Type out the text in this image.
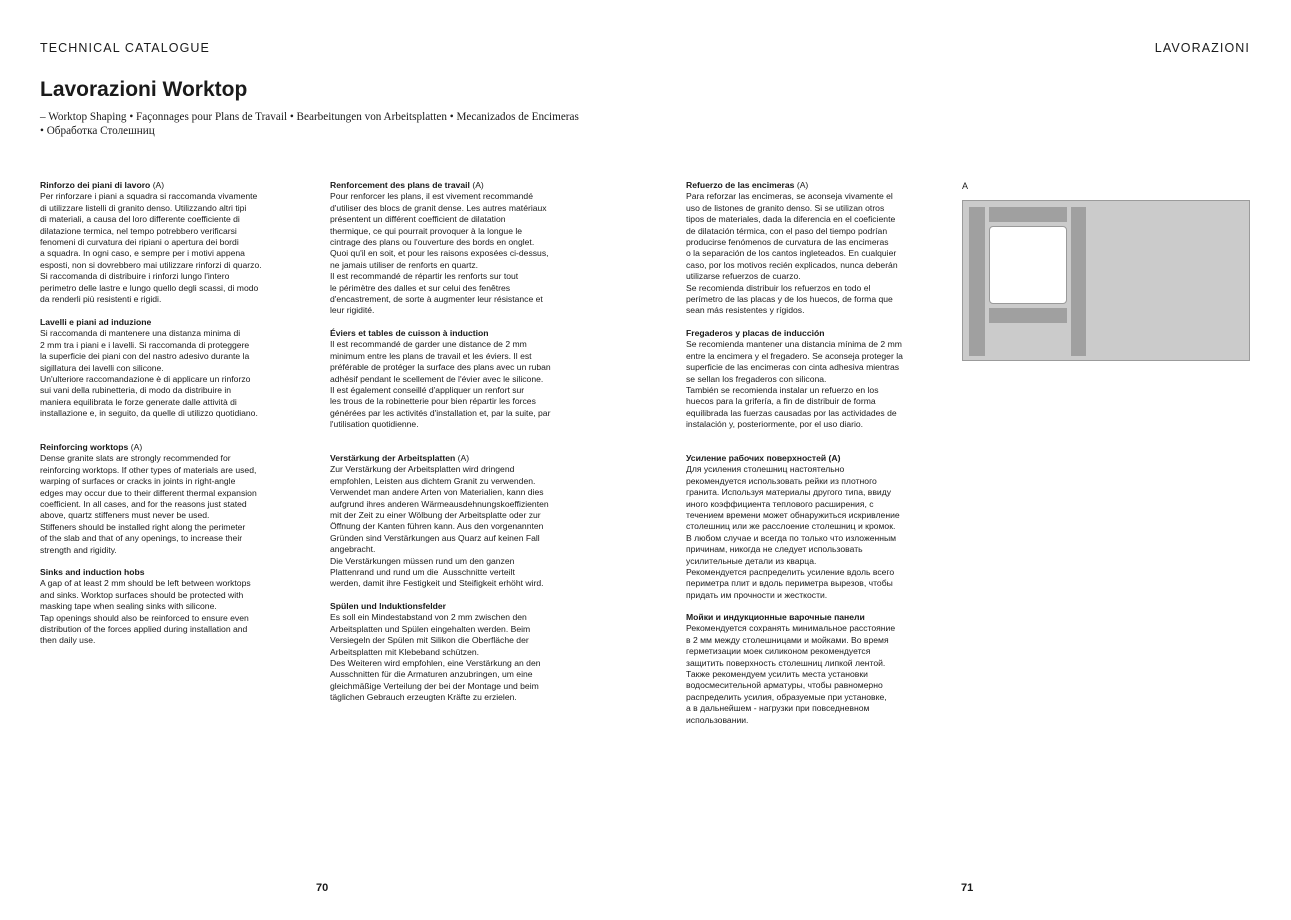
TECHNICAL CATALOGUE	LAVORAZIONI
Lavorazioni Worktop
– Worktop Shaping • Façonnages pour Plans de Travail • Bearbeitungen von Arbeitsplatten • Mecanizados de Encimeras
• Обработка Столешниц
Rinforzo dei piani di lavoro (A)

Per rinforzare i piani a squadra si raccomanda vivamente
di utilizzare listelli di granito denso. Utilizzando altri tipi
di materiali, a causa del loro differente coefficiente di
dilatazione termica, nel tempo potrebbero verificarsi
fenomeni di curvatura dei ripiani o apertura dei bordi
a squadra. In ogni caso, e sempre per i motivi appena
esposti, non si dovrebbero mai utilizzare rinforzi di quarzo.
Si raccomanda di distribuire i rinforzi lungo l'intero
perimetro delle lastre e lungo quello degli scassi, di modo
da renderli più resistenti e rigidi.

Lavelli e piani ad induzione

Si raccomanda di mantenere una distanza minima di
2 mm tra i piani e i lavelli. Si raccomanda di proteggere
la superficie dei piani con del nastro adesivo durante la
sigillatura dei lavelli con silicone.
Un'ulteriore raccomandazione è di applicare un rinforzo
sui vani della rubinetteria, di modo da distribuire in
maniera equilibrata le forze generate dalle attività di
installazione e, in seguito, da quelle di utilizzo quotidiano.

Reinforcing worktops (A)

Dense granite slats are strongly recommended for
reinforcing worktops. If other types of materials are used,
warping of surfaces or cracks in joints in right-angle
edges may occur due to their different thermal expansion
coefficient. In all cases, and for the reasons just stated
above, quartz stiffeners must never be used.
Stiffeners should be installed right along the perimeter
of the slab and that of any openings, to increase their
strength and rigidity.

Sinks and induction hobs

A gap of at least 2 mm should be left between worktops
and sinks. Worktop surfaces should be protected with
masking tape when sealing sinks with silicone.
Tap openings should also be reinforced to ensure even
distribution of the forces applied during installation and
then daily use.

Renforcement des plans de travail (A)

Pour renforcer les plans, il est vivement recommandé
d'utiliser des blocs de granit dense. Les autres matériaux
présentent un différent coefficient de dilatation
thermique, ce qui pourrait provoquer à la longue le
cintrage des plans ou l'ouverture des bords en onglet.
Quoi qu'il en soit, et pour les raisons exposées ci-dessus,
ne jamais utiliser de renforts en quartz.
Il est recommandé de répartir les renforts sur tout
le périmètre des dalles et sur celui des fenêtres
d'encastrement, de sorte à augmenter leur résistance et
leur rigidité.

Éviers et tables de cuisson à induction

Il est recommandé de garder une distance de 2 mm
minimum entre les plans de travail et les éviers. Il est
préférable de protéger la surface des plans avec un ruban
adhésif pendant le scellement de l'évier avec le silicone.
Il est également conseillé d'appliquer un renfort sur
les trous de la robinetterie pour bien répartir les forces
générées par les activités d'installation et, par la suite, par
l'utilisation quotidienne.

Verstärkung der Arbeitsplatten (A)

Zur Verstärkung der Arbeitsplatten wird dringend
empfohlen, Leisten aus dichtem Granit zu verwenden.
Verwendet man andere Arten von Materialien, kann dies
aufgrund ihres anderen Wärmeausdehnungskoeffizienten
mit der Zeit zu einer Wölbung der Arbeitsplatte oder zur
Öffnung der Kanten führen kann. Aus den vorgenannten
Gründen sind Verstärkungen aus Quarz auf keinen Fall
angebracht.
Die Verstärkungen müssen rund um den ganzen
Plattenrand und rund um die  Ausschnitte verteilt
werden, damit ihre Festigkeit und Steifigkeit erhöht wird.

Spülen und Induktionsfelder

Es soll ein Mindestabstand von 2 mm zwischen den
Arbeitsplatten und Spülen eingehalten werden. Beim
Versiegeln der Spülen mit Silikon die Oberfläche der
Arbeitsplatten mit Klebeband schützen.
Des Weiteren wird empfohlen, eine Verstärkung an den
Ausschnitten für die Armaturen anzubringen, um eine
gleichmäßige Verteilung der bei der Montage und beim
täglichen Gebrauch erzeugten Kräfte zu erzielen.

Refuerzo de las encimeras (A)

Para reforzar las encimeras, se aconseja vivamente el
uso de listones de granito denso. Si se utilizan otros
tipos de materiales, dada la diferencia en el coeficiente
de dilatación térmica, con el paso del tiempo podrían
producirse fenómenos de curvatura de las encimeras
o la separación de los cantos ingleteados. En cualquier
caso, por los motivos recién explicados, nunca deberán
utilizarse refuerzos de cuarzo.
Se recomienda distribuir los refuerzos en todo el
perímetro de las placas y de los huecos, de forma que
sean más resistentes y rígidos.

Fregaderos y placas de inducción

Se recomienda mantener una distancia mínima de 2 mm
entre la encimera y el fregadero. Se aconseja proteger la
superficie de las encimeras con cinta adhesiva mientras
se sellan los fregaderos con silicona.
También se recomienda instalar un refuerzo en los
huecos para la grifería, a fin de distribuir de forma
equilibrada las fuerzas causadas por las actividades de
instalación y, posteriormente, por el uso diario.

Усиление рабочих поверхностей (А)

Для усиления столешниц настоятельно
рекомендуется использовать рейки из плотного
гранита. Используя материалы другого типа, ввиду
иного коэффициента теплового расширения, с
течением времени может обнаружиться искривление
столешниц или же расслоение столешниц и кромок.
В любом случае и всегда по только что изложенным
причинам, никогда не следует использовать
усилительные детали из кварца.
Рекомендуется распределить усиление вдоль всего
периметра плит и вдоль периметра вырезов, чтобы
придать им прочности и жесткости.

Мойки и индукционные варочные панели

Рекомендуется сохранять минимальное расстояние
в 2 мм между столешницами и мойками. Во время
герметизации моек силиконом рекомендуется
защитить поверхность столешниц липкой лентой.
Также рекомендуем усилить места установки
водосмесительной арматуры, чтобы равномерно
распределить усилия, образуемые при установке,
а в дальнейшем - нагрузки при повседневном
использовании.

A
70	71
